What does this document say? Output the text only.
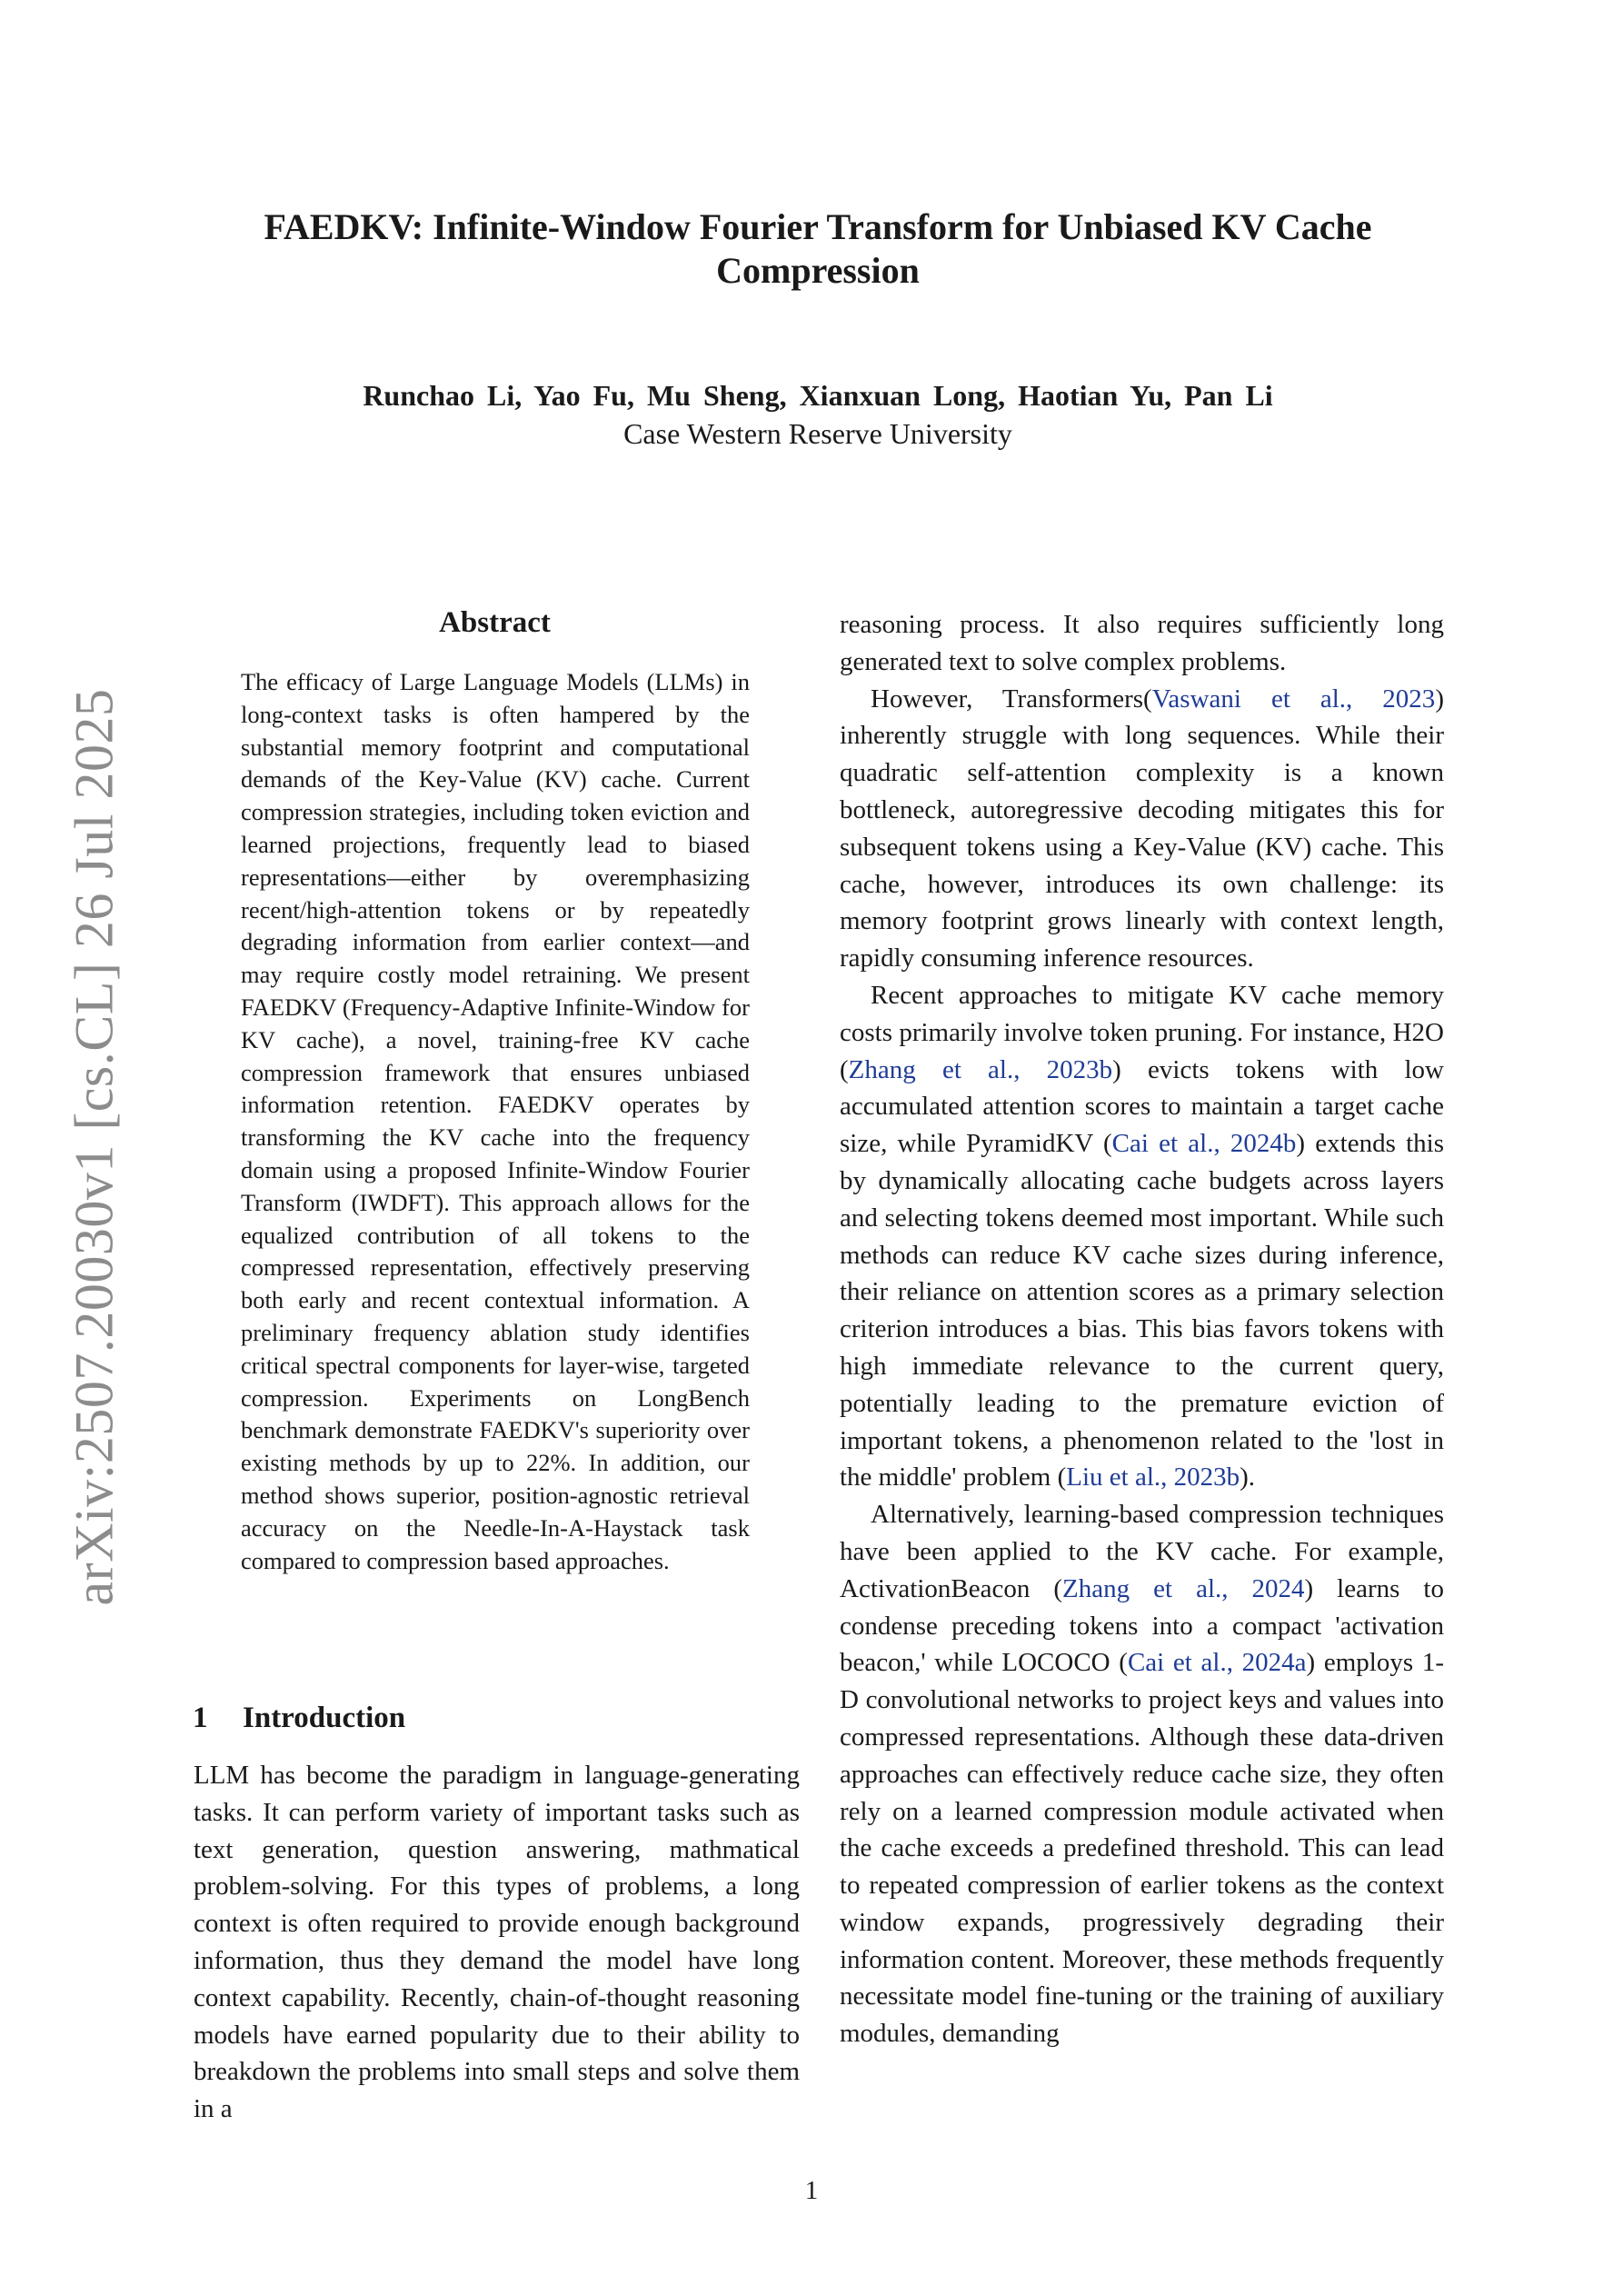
arXiv:2507.20030v1 [cs.CL] 26 Jul 2025
FAEDKV: Infinite-Window Fourier Transform for Unbiased KV Cache Compression
Runchao Li, Yao Fu, Mu Sheng, Xianxuan Long, Haotian Yu, Pan Li
Case Western Reserve University
Abstract
The efficacy of Large Language Models (LLMs) in long-context tasks is often hampered by the substantial memory footprint and computational demands of the Key-Value (KV) cache. Current compression strategies, including token eviction and learned projections, frequently lead to biased representations—either by overemphasizing recent/high-attention tokens or by repeatedly degrading information from earlier context—and may require costly model retraining. We present FAEDKV (Frequency-Adaptive Infinite-Window for KV cache), a novel, training-free KV cache compression framework that ensures unbiased information retention. FAEDKV operates by transforming the KV cache into the frequency domain using a proposed Infinite-Window Fourier Transform (IWDFT). This approach allows for the equalized contribution of all tokens to the compressed representation, effectively preserving both early and recent contextual information. A preliminary frequency ablation study identifies critical spectral components for layer-wise, targeted compression. Experiments on LongBench benchmark demonstrate FAEDKV's superiority over existing methods by up to 22%. In addition, our method shows superior, position-agnostic retrieval accuracy on the Needle-In-A-Haystack task compared to compression based approaches.
1 Introduction

LLM has become the paradigm in language-generating tasks. It can perform variety of important tasks such as text generation, question answering, mathmatical problem-solving. For this types of problems, a long context is often required to provide enough background information, thus they demand the model have long context capability. Recently, chain-of-thought reasoning models have earned popularity due to their ability to breakdown the problems into small steps and solve them in a

reasoning process. It also requires sufficiently long generated text to solve complex problems.

However, Transformers(Vaswani et al., 2023) inherently struggle with long sequences. While their quadratic self-attention complexity is a known bottleneck, autoregressive decoding mitigates this for subsequent tokens using a Key-Value (KV) cache. This cache, however, introduces its own challenge: its memory footprint grows linearly with context length, rapidly consuming inference resources.

Recent approaches to mitigate KV cache memory costs primarily involve token pruning. For instance, H2O (Zhang et al., 2023b) evicts tokens with low accumulated attention scores to maintain a target cache size, while PyramidKV (Cai et al., 2024b) extends this by dynamically allocating cache budgets across layers and selecting tokens deemed most important. While such methods can reduce KV cache sizes during inference, their reliance on attention scores as a primary selection criterion introduces a bias. This bias favors tokens with high immediate relevance to the current query, potentially leading to the premature eviction of important tokens, a phenomenon related to the 'lost in the middle' problem (Liu et al., 2023b).

Alternatively, learning-based compression techniques have been applied to the KV cache. For example, ActivationBeacon (Zhang et al., 2024) learns to condense preceding tokens into a compact 'activation beacon,' while LOCOCO (Cai et al., 2024a) employs 1-D convolutional networks to project keys and values into compressed representations. Although these data-driven approaches can effectively reduce cache size, they often rely on a learned compression module activated when the cache exceeds a predefined threshold. This can lead to repeated compression of earlier tokens as the context window expands, progressively degrading their information content. Moreover, these methods frequently necessitate model fine-tuning or the training of auxiliary modules, demanding

1
